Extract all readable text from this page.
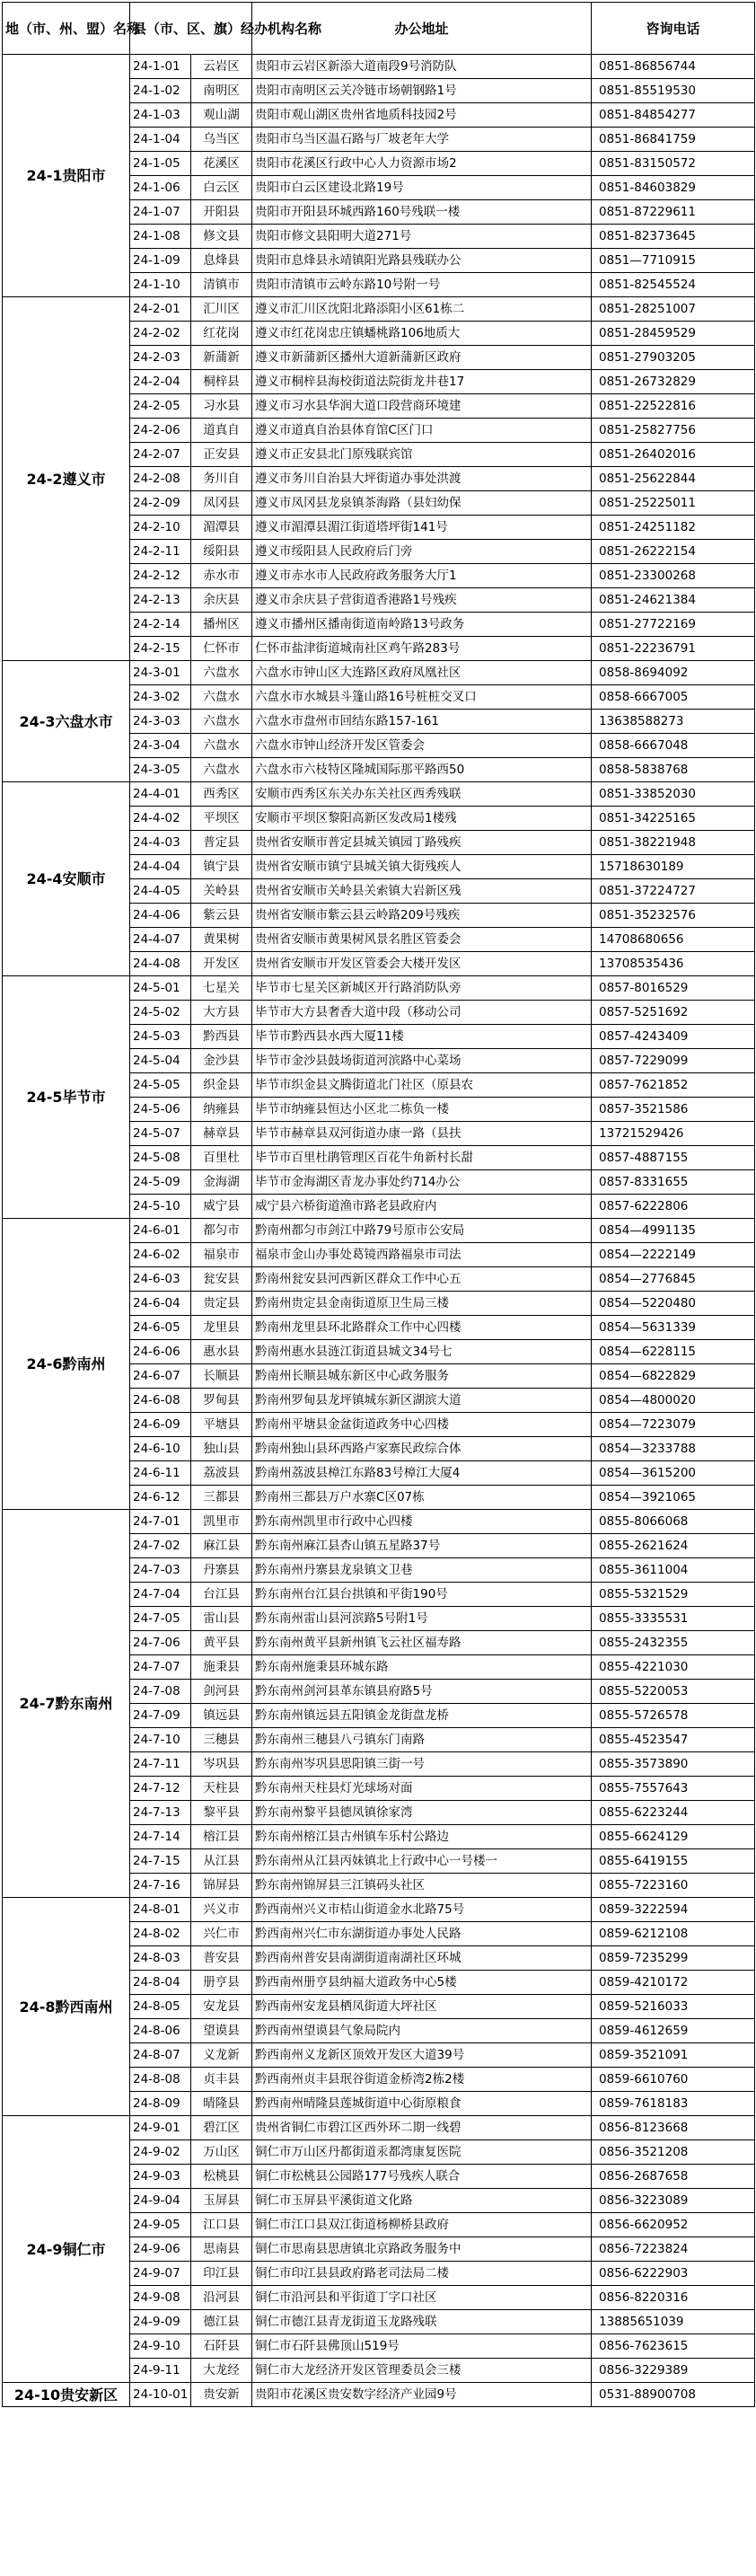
地（市、州、盟）名称	县（市、区、旗）经办机构名称		办公地址	咨询电话
24-1贵阳市	24-1-01	云岩区	贵阳市云岩区新添大道南段9号消防队	0851-86856744
	24-1-02	南明区	贵阳市南明区云关冷链市场朝钢路1号	0851-85519530
	24-1-03	观山湖	贵阳市观山湖区贵州省地质科技园2号	0851-84854277
	24-1-04	乌当区	贵阳市乌当区温石路与厂坡老年大学	0851-86841759
	24-1-05	花溪区	贵阳市花溪区行政中心人力资源市场2	0851-83150572
	24-1-06	白云区	贵阳市白云区建设北路19号	0851-84603829
	24-1-07	开阳县	贵阳市开阳县环城西路160号残联一楼	0851-87229611
	24-1-08	修文县	贵阳市修文县阳明大道271号	0851-82373645
	24-1-09	息烽县	贵阳市息烽县永靖镇阳光路县残联办公	0851—7710915
	24-1-10	清镇市	贵阳市清镇市云岭东路10号附一号	0851-82545524
24-2遵义市	24-2-01	汇川区	遵义市汇川区沈阳北路添阳小区61栋二	0851-28251007
	24-2-02	红花岗	遵义市红花岗忠庄镇蟠桃路106地质大	0851-28459529
	24-2-03	新蒲新	遵义市新蒲新区播州大道新蒲新区政府	0851-27903205
	24-2-04	桐梓县	遵义市桐梓县海校街道法院街龙井巷17	0851-26732829
	24-2-05	习水县	遵义市习水县华润大道口段营商环境建	0851-22522816
	24-2-06	道真自	遵义市道真自治县体育馆C区门口	0851-25827756
	24-2-07	正安县	遵义市正安县北门原残联宾馆	0851-26402016
	24-2-08	务川自	遵义市务川自治县大坪街道办事处洪渡	0851-25622844
	24-2-09	凤冈县	遵义市凤冈县龙泉镇茶海路（县妇幼保	0851-25225011
	24-2-10	湄潭县	遵义市湄潭县湄江街道塔坪街141号	0851-24251182
	24-2-11	绥阳县	遵义市绥阳县人民政府后门旁	0851-26222154
	24-2-12	赤水市	遵义市赤水市人民政府政务服务大厅1	0851-23300268
	24-2-13	余庆县	遵义市余庆县子营街道香港路1号残疾	0851-24621384
	24-2-14	播州区	遵义市播州区播南街道南岭路13号政务	0851-27722169
	24-2-15	仁怀市	仁怀市盐津街道城南社区鸡午路283号	0851-22236791
24-3六盘水市	24-3-01	六盘水	六盘水市钟山区大连路区政府凤凰社区	0858-8694092
	24-3-02	六盘水	六盘水市水城县斗篷山路16号桩桩交叉口	0858-6667005
	24-3-03	六盘水	六盘水市盘州市回结东路157-161	13638588273
	24-3-04	六盘水	六盘水市钟山经济开发区管委会	0858-6667048
	24-3-05	六盘水	六盘水市六枝特区隆城国际那平路西50	0858-5838768
24-4安顺市	24-4-01	西秀区	安顺市西秀区东关办东关社区西秀残联	0851-33852030
	24-4-02	平坝区	安顺市平坝区黎阳高新区发改局1楼残	0851-34225165
	24-4-03	普定县	贵州省安顺市普定县城关镇园丁路残疾	0851-38221948
	24-4-04	镇宁县	贵州省安顺市镇宁县城关镇大街残疾人	15718630189
	24-4-05	关岭县	贵州省安顺市关岭县关索镇大岩新区残	0851-37224727
	24-4-06	紫云县	贵州省安顺市紫云县云岭路209号残疾	0851-35232576
	24-4-07	黄果树	贵州省安顺市黄果树风景名胜区管委会	14708680656
	24-4-08	开发区	贵州省安顺市开发区管委会大楼开发区	13708535436
24-5毕节市	24-5-01	七星关	毕节市七星关区新城区开行路消防队旁	0857-8016529
	24-5-02	大方县	毕节市大方县奢香大道中段（移动公司	0857-5251692
	24-5-03	黔西县	毕节市黔西县水西大厦11楼	0857-4243409
	24-5-04	金沙县	毕节市金沙县鼓场街道河滨路中心菜场	0857-7229099
	24-5-05	织金县	毕节市织金县文腾街道北门社区（原县农	0857-7621852
	24-5-06	纳雍县	毕节市纳雍县恒达小区北二栋负一楼	0857-3521586
	24-5-07	赫章县	毕节市赫章县双河街道办康一路（县扶	13721529426
	24-5-08	百里杜	毕节市百里杜鹃管理区百花牛角新村长甜	0857-4887155
	24-5-09	金海湖	毕节市金海湖区青龙办事处约714办公	0857-8331655
	24-5-10	威宁县	威宁县六桥街道渔市路老县政府内	0857-6222806
24-6黔南州	24-6-01	都匀市	黔南州都匀市剑江中路79号原市公安局	0854—4991135
	24-6-02	福泉市	福泉市金山办事处葛镜西路福泉市司法	0854—2222149
	24-6-03	瓮安县	黔南州瓮安县河西新区群众工作中心五	0854—2776845
	24-6-04	贵定县	黔南州贵定县金南街道原卫生局三楼	0854—5220480
	24-6-05	龙里县	黔南州龙里县环北路群众工作中心四楼	0854—5631339
	24-6-06	惠水县	黔南州惠水县涟江街道县城文34号七	0854—6228115
	24-6-07	长顺县	黔南州长顺县城东新区中心政务服务	0854—6822829
	24-6-08	罗甸县	黔南州罗甸县龙坪镇城东新区湖滨大道	0854—4800020
	24-6-09	平塘县	黔南州平塘县金盆街道政务中心四楼	0854—7223079
	24-6-10	独山县	黔南州独山县环西路卢家寨民政综合体	0854—3233788
	24-6-11	荔波县	黔南州荔波县樟江东路83号樟江大厦4	0854—3615200
	24-6-12	三都县	黔南州三都县万户水寨C区07栋	0854—3921065
24-7黔东南州	24-7-01	凯里市	黔东南州凯里市行政中心四楼	0855-8066068
	24-7-02	麻江县	黔东南州麻江县杏山镇五星路37号	0855-2621624
	24-7-03	丹寨县	黔东南州丹寨县龙泉镇文卫巷	0855-3611004
	24-7-04	台江县	黔东南州台江县台拱镇和平街190号	0855-5321529
	24-7-05	雷山县	黔东南州雷山县河滨路5号附1号	0855-3335531
	24-7-06	黄平县	黔东南州黄平县新州镇飞云社区福寿路	0855-2432355
	24-7-07	施秉县	黔东南州施秉县环城东路	0855-4221030
	24-7-08	剑河县	黔东南州剑河县革东镇县府路5号	0855-5220053
	24-7-09	镇远县	黔东南州镇远县五阳镇金龙街盘龙桥	0855-5726578
	24-7-10	三穗县	黔东南州三穗县八弓镇东门南路	0855-4523547
	24-7-11	岑巩县	黔东南州岑巩县思阳镇三街一号	0855-3573890
	24-7-12	天柱县	黔东南州天柱县灯光球场对面	0855-7557643
	24-7-13	黎平县	黔东南州黎平县德凤镇徐家湾	0855-6223244
	24-7-14	榕江县	黔东南州榕江县古州镇车乐村公路边	0855-6624129
	24-7-15	从江县	黔东南州从江县丙妹镇北上行政中心一号楼一	0855-6419155
	24-7-16	锦屏县	黔东南州锦屏县三江镇码头社区	0855-7223160
24-8黔西南州	24-8-01	兴义市	黔西南州兴义市桔山街道金水北路75号	0859-3222594
	24-8-02	兴仁市	黔西南州兴仁市东湖街道办事处人民路	0859-6212108
	24-8-03	普安县	黔西南州普安县南湖街道南湖社区环城	0859-7235299
	24-8-04	册亨县	黔西南州册亨县纳福大道政务中心5楼	0859-4210172
	24-8-05	安龙县	黔西南州安龙县栖凤街道大坪社区	0859-5216033
	24-8-06	望谟县	黔西南州望谟县气象局院内	0859-4612659
	24-8-07	义龙新	黔西南州义龙新区顶效开发区大道39号	0859-3521091
	24-8-08	贞丰县	黔西南州贞丰县珉谷街道金桥湾2栋2楼	0859-6610760
	24-8-09	晴隆县	黔西南州晴隆县莲城街道中心街原粮食	0859-7618183
24-9铜仁市	24-9-01	碧江区	贵州省铜仁市碧江区西外环二期一线碧	0856-8123668
	24-9-02	万山区	铜仁市万山区丹都街道汞都湾康复医院	0856-3521208
	24-9-03	松桃县	铜仁市松桃县公园路177号残疾人联合	0856-2687658
	24-9-04	玉屏县	铜仁市玉屏县平溪街道文化路	0856-3223089
	24-9-05	江口县	铜仁市江口县双江街道杨柳桥县政府	0856-6620952
	24-9-06	思南县	铜仁市思南县思唐镇北京路政务服务中	0856-7223824
	24-9-07	印江县	铜仁市印江县县政府路老司法局二楼	0856-6222903
	24-9-08	沿河县	铜仁市沿河县和平街道丁字口社区	0856-8220316
	24-9-09	德江县	铜仁市德江县青龙街道玉龙路残联	13885651039
	24-9-10	石阡县	铜仁市石阡县佛顶山519号	0856-7623615
	24-9-11	大龙经	铜仁市大龙经济开发区管理委员会三楼	0856-3229389
24-10贵安新区	24-10-01	贵安新	贵阳市花溪区贵安数字经济产业园9号	0531-88900708
